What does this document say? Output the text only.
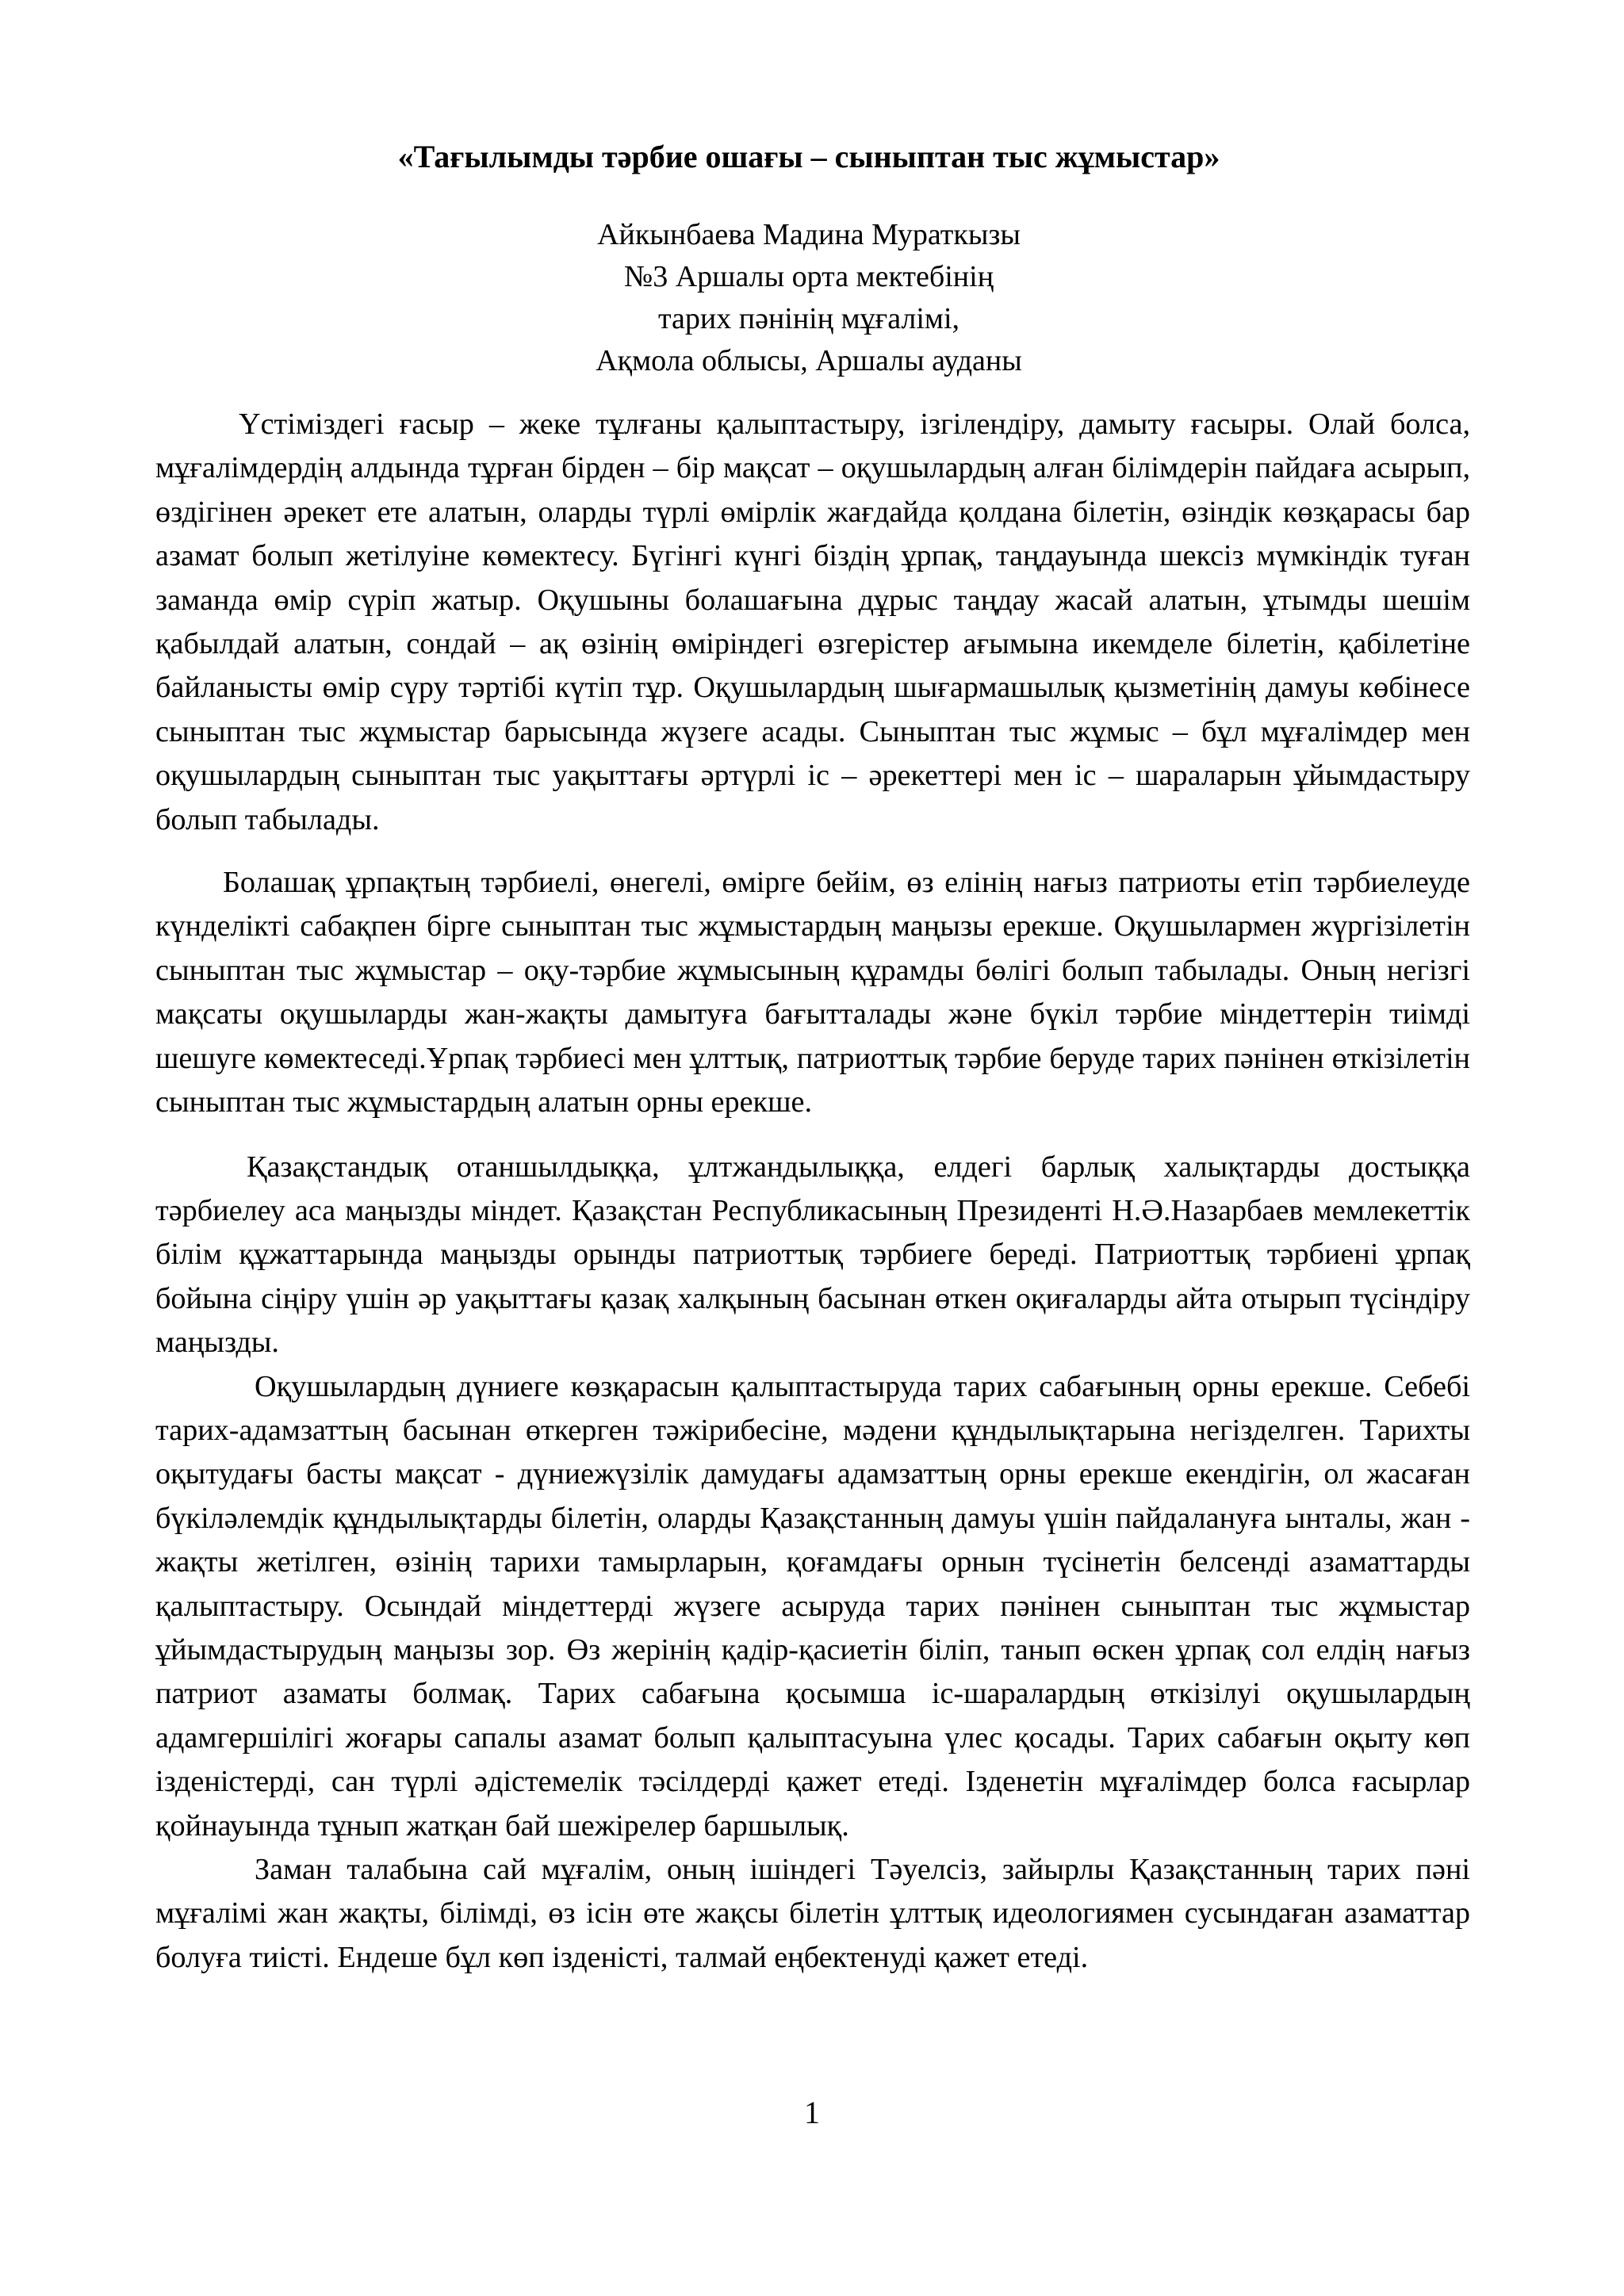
«Тағылымды тәрбие ошағы – сыныптан тыс жұмыстар»
Айкынбаева Мадина Мураткызы
№3 Аршалы орта мектебінің
тарих пәнінің мұғалімі,
Ақмола облысы, Аршалы ауданы

Үстіміздегі ғасыр – жеке тұлғаны қалыптастыру, ізгілендіру, дамыту ғасыры. Олай болса, мұғалімдердің алдында тұрған бірден – бір мақсат – оқушылардың алған білімдерін пайдаға асырып, өздігінен әрекет ете алатын, оларды түрлі өмірлік жағдайда қолдана білетін, өзіндік көзқарасы бар азамат болып жетілуіне көмектесу. Бүгінгі күнгі біздің ұрпақ, таңдауында шексіз мүмкіндік туған заманда өмір сүріп жатыр. Оқушыны болашағына дұрыс таңдау жасай алатын, ұтымды шешім қабылдай алатын, сондай – ақ өзінің өміріндегі өзгерістер ағымына икемделе білетін, қабілетіне байланысты өмір сүру тәртібі күтіп тұр. Оқушылардың шығармашылық қызметінің дамуы көбінесе сыныптан тыс жұмыстар барысында жүзеге асады. Сыныптан тыс жұмыс – бұл мұғалімдер мен оқушылардың сыныптан тыс уақыттағы әртүрлі іс – әрекеттері мен іс – шараларын ұйымдастыру болып табылады.

Болашақ ұрпақтың тәрбиелі, өнегелі, өмірге бейім, өз елінің нағыз патриоты етіп тәрбиелеуде күнделікті сабақпен бірге сыныптан тыс жұмыстардың маңызы ерекше. Оқушылармен жүргізілетін сыныптан тыс жұмыстар – оқу-тәрбие жұмысының құрамды бөлігі болып табылады. Оның негізгі мақсаты оқушыларды жан-жақты дамытуға бағытталады және бүкіл тәрбие міндеттерін тиімді шешуге көмектеседі.Ұрпақ тәрбиесі мен ұлттық, патриоттық тәрбие беруде тарих пәнінен өткізілетін сыныптан тыс жұмыстардың алатын орны ерекше.

Қазақстандық отаншылдыққа, ұлтжандылыққа, елдегі барлық халықтарды достыққа тәрбиелеу аса маңызды міндет. Қазақстан Республикасының Президенті Н.Ә.Назарбаев мемлекеттік білім құжаттарында маңызды орынды патриоттық тәрбиеге береді. Патриоттық тәрбиені ұрпақ бойына сіңіру үшін әр уақыттағы қазақ халқының басынан өткен оқиғаларды айта отырып түсіндіру маңызды.

Оқушылардың дүниеге көзқарасын қалыптастыруда тарих сабағының орны ерекше. Себебі тарих-адамзаттың басынан өткерген тәжірибесіне, мәдени құндылықтарына негізделген. Тарихты оқытудағы басты мақсат - дүниежүзілік дамудағы адамзаттың орны ерекше екендігін, ол жасаған бүкіләлемдік құндылықтарды білетін, оларды Қазақстанның дамуы үшін пайдалануға ынталы, жан - жақты жетілген, өзінің тарихи тамырларын, қоғамдағы орнын түсінетін белсенді азаматтарды қалыптастыру. Осындай міндеттерді жүзеге асыруда тарих пәнінен сыныптан тыс жұмыстар ұйымдастырудың маңызы зор. Өз жерінің қадір-қасиетін біліп, танып өскен ұрпақ сол елдің нағыз патриот азаматы болмақ. Тарих сабағына қосымша іс-шаралардың өткізілуі оқушылардың адамгершілігі жоғары сапалы азамат болып қалыптасуына үлес қосады. Тарих сабағын оқыту көп ізденістерді, сан түрлі әдістемелік тәсілдерді қажет етеді. Ізденетін мұғалімдер болса ғасырлар қойнауында тұнып жатқан бай шежірелер баршылық.

Заман талабына сай мұғалім, оның ішіндегі Тәуелсіз, зайырлы Қазақстанның тарих пәні мұғалімі жан жақты, білімді, өз ісін өте жақсы білетін ұлттық идеологиямен сусындаған азаматтар болуға тиісті. Ендеше бұл көп ізденісті, талмай еңбектенуді қажет етеді.

1
